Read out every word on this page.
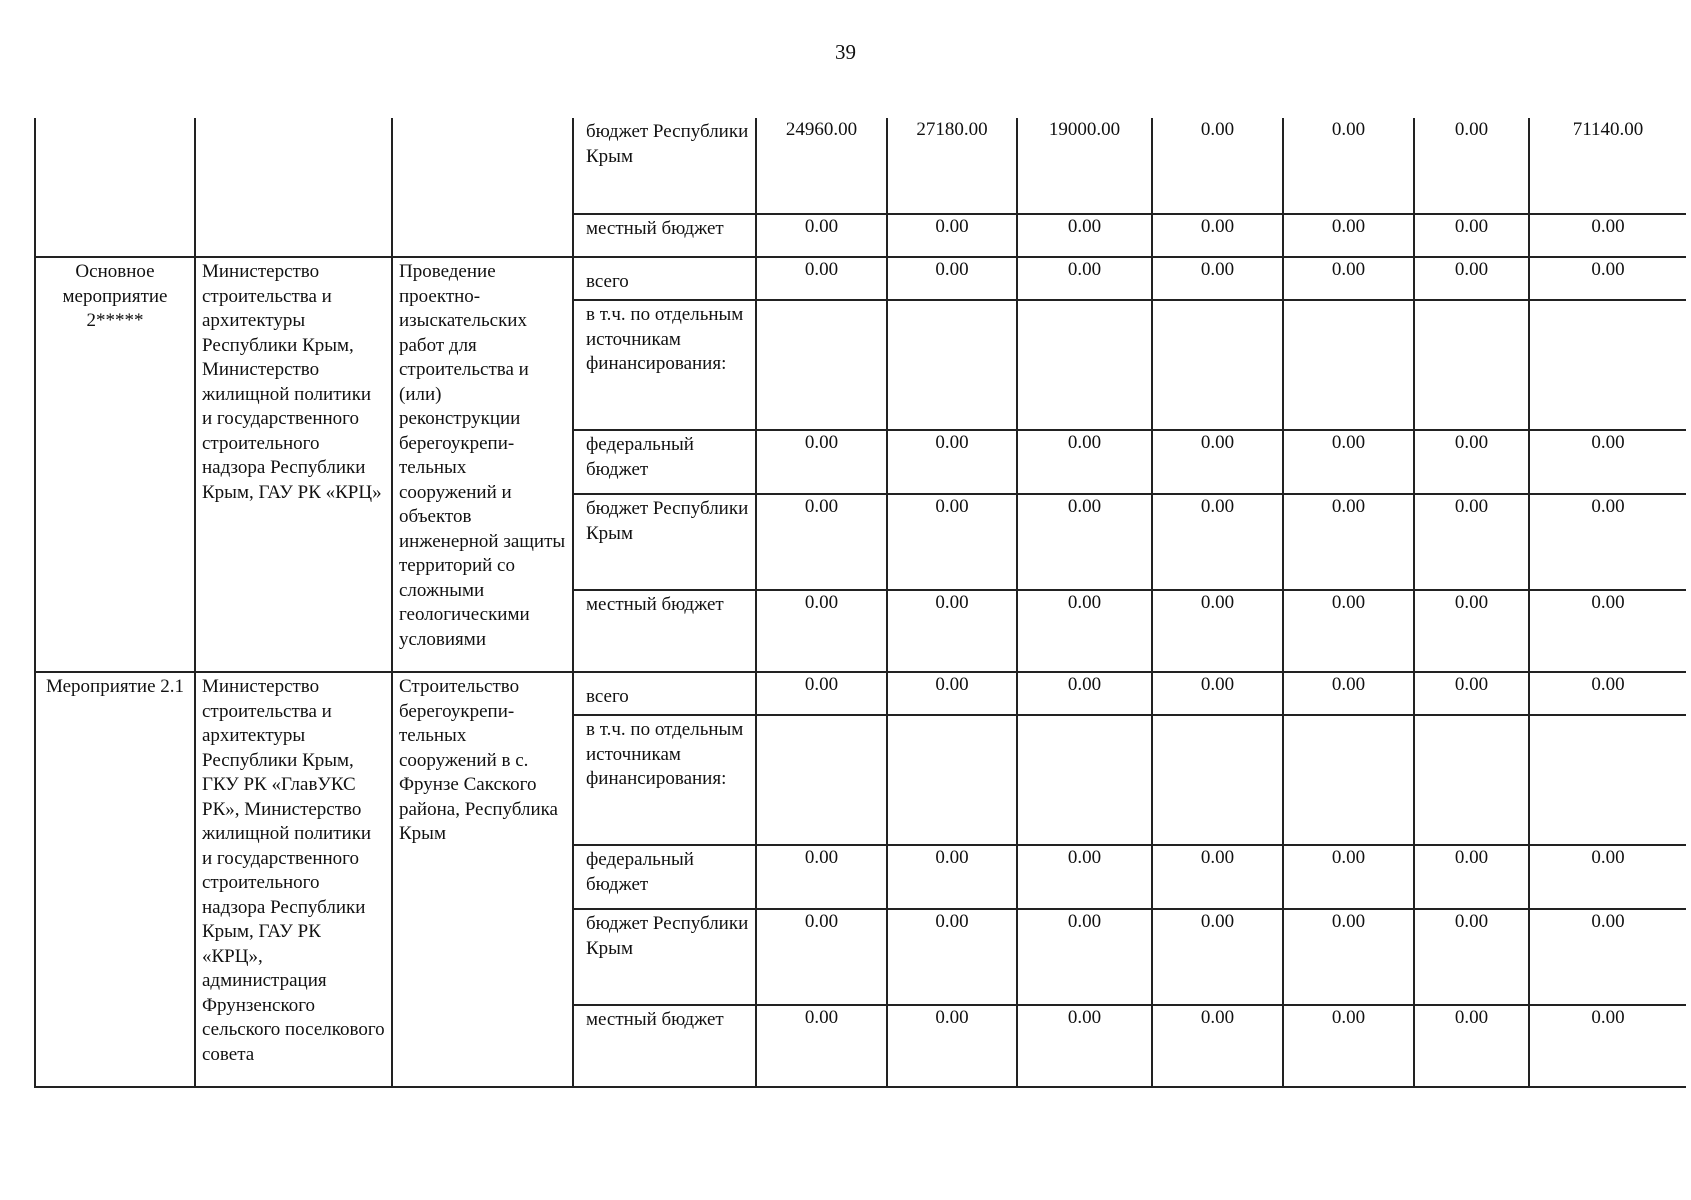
39
			бюджет Республики Крым	24960.00	27180.00	19000.00	0.00	0.00	0.00	71140.00
			местный бюджет	0.00	0.00	0.00	0.00	0.00	0.00	0.00
Основное мероприятие 2*****	Министерство строительства и архитектуры Республики Крым, Министерство жилищной политики и государственного строительного надзора Республики Крым, ГАУ РК «КРЦ»	Проведение проектно-изыскательских работ для строительства и (или) реконструкции берегоукрепи-тельных сооружений и объектов инженерной защиты территорий со сложными геологическими условиями	всего	0.00	0.00	0.00	0.00	0.00	0.00	0.00
			в т.ч. по отдельным источникам финансирования:							
			федеральный бюджет	0.00	0.00	0.00	0.00	0.00	0.00	0.00
			бюджет Республики Крым	0.00	0.00	0.00	0.00	0.00	0.00	0.00
			местный бюджет	0.00	0.00	0.00	0.00	0.00	0.00	0.00
Мероприятие 2.1	Министерство строительства и архитектуры Республики Крым, ГКУ РК «ГлавУКС РК», Министерство жилищной политики и государственного строительного надзора Республики Крым, ГАУ РК «КРЦ», администрация Фрунзенского сельского поселкового совета	Строительство берегоукрепи-тельных сооружений в с. Фрунзе Сакского района, Республика Крым	всего	0.00	0.00	0.00	0.00	0.00	0.00	0.00
			в т.ч. по отдельным источникам финансирования:							
			федеральный бюджет	0.00	0.00	0.00	0.00	0.00	0.00	0.00
			бюджет Республики Крым	0.00	0.00	0.00	0.00	0.00	0.00	0.00
			местный бюджет	0.00	0.00	0.00	0.00	0.00	0.00	0.00
